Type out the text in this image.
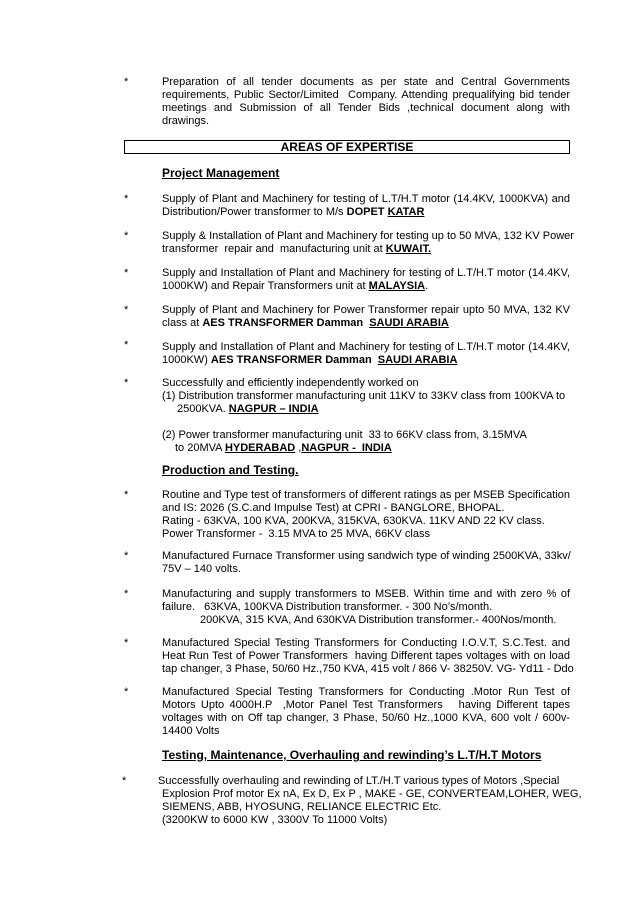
*	Preparation of all tender documents as per state and Central Governments
requirements, Public Sector/Limited  Company. Attending prequalifying bid tender
meetings and Submission of all Tender Bids ,technical document along with
drawings.
AREAS OF EXPERTISE
Project Management
*	Supply of Plant and Machinery for testing of L.T/H.T motor (14.4KV, 1000KVA) and
Distribution/Power transformer to M/s DOPET KATAR
*	Supply & Installation of Plant and Machinery for testing up to 50 MVA, 132 KV Power
transformer  repair and  manufacturing unit at KUWAIT.
*	Supply and Installation of Plant and Machinery for testing of L.T/H.T motor (14.4KV,
1000KW) and Repair Transformers unit at MALAYSIA.
*	Supply of Plant and Machinery for Power Transformer repair upto 50 MVA, 132 KV
class at AES TRANSFORMER Damman  SAUDI ARABIA
*	Supply and Installation of Plant and Machinery for testing of L.T/H.T motor (14.4KV,
1000KW) AES TRANSFORMER Damman  SAUDI ARABIA
*	Successfully and efficiently independently worked on
(1) Distribution transformer manufacturing unit 11KV to 33KV class from 100KVA to
2500KVA. NAGPUR – INDIA
(2) Power transformer manufacturing unit  33 to 66KV class from, 3.15MVA
to 20MVA HYDERABAD ,NAGPUR -  INDIA
Production and Testing.
*	Routine and Type test of transformers of different ratings as per MSEB Specification
and IS: 2026 (S.C.and Impulse Test) at CPRI - BANGLORE, BHOPAL.
Rating - 63KVA, 100 KVA, 200KVA, 315KVA, 630KVA. 11KV AND 22 KV class.
Power Transformer -  3.15 MVA to 25 MVA, 66KV class
*	Manufactured Furnace Transformer using sandwich type of winding 2500KVA, 33kv/
75V – 140 volts.
*	Manufacturing and supply transformers to MSEB. Within time and with zero % of
failure.   63KVA, 100KVA Distribution transformer. - 300 No’s/month.
200KVA, 315 KVA, And 630KVA Distribution transformer.- 400Nos/month.
*	Manufactured Special Testing Transformers for Conducting I.O.V.T, S.C.Test. and
Heat Run Test of Power Transformers  having Different tapes voltages with on load
tap changer, 3 Phase, 50/60 Hz.,750 KVA, 415 volt / 866 V- 38250V. VG- Yd11 - Ddo
*	Manufactured Special Testing Transformers for Conducting .Motor Run Test of
Motors Upto 4000H.P  ,Motor Panel Test Transformers   having Different tapes
voltages with on Off tap changer, 3 Phase, 50/60 Hz.,1000 KVA, 600 volt / 600v-
14400 Volts
Testing, Maintenance, Overhauling and rewinding’s L.T/H.T Motors
*	Successfully overhauling and rewinding of LT./H.T various types of Motors ,Special
Explosion Prof motor Ex nA, Ex D, Ex P , MAKE - GE, CONVERTEAM,LOHER, WEG,
SIEMENS, ABB, HYOSUNG, RELIANCE ELECTRIC Etc.
(3200KW to 6000 KW , 3300V To 11000 Volts)
